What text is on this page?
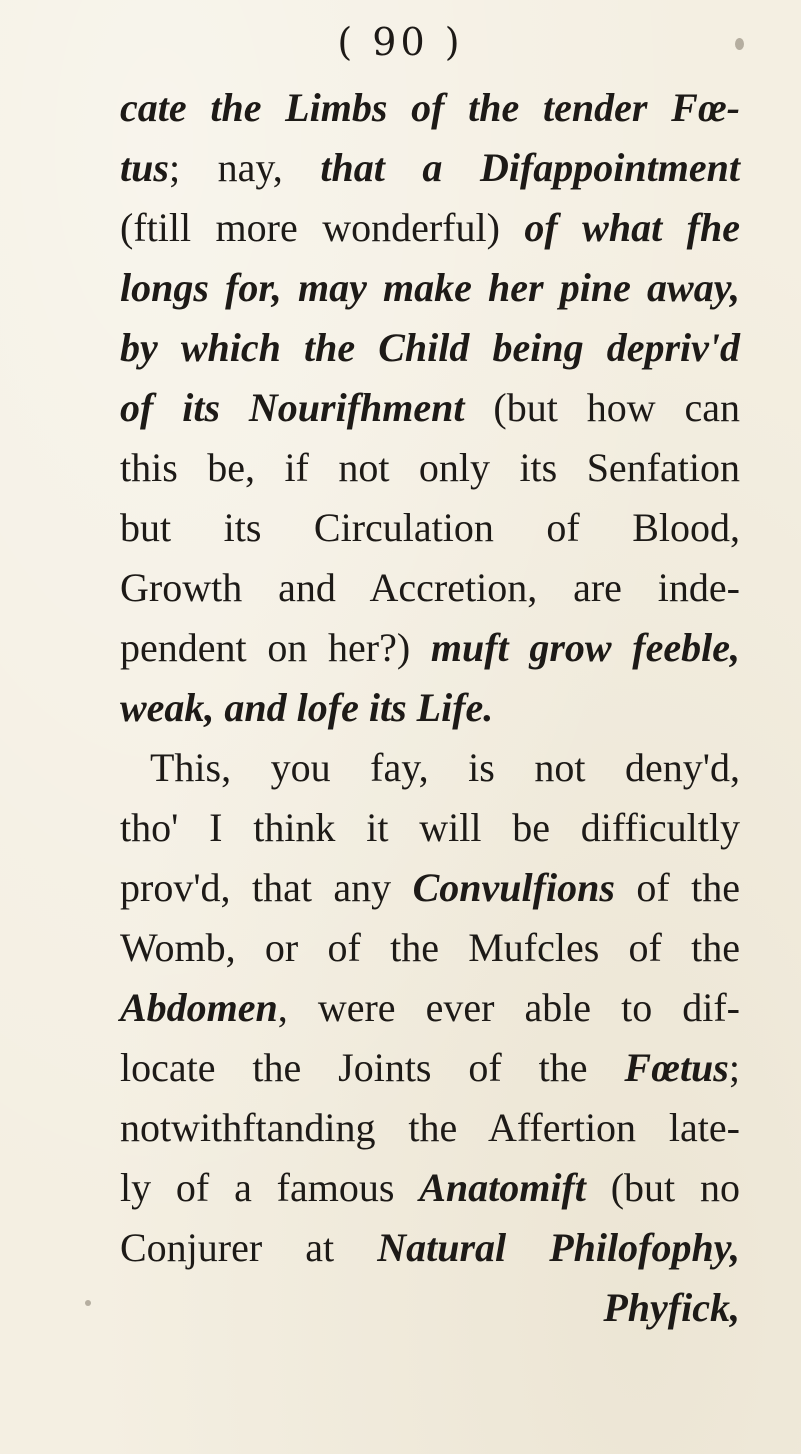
( 90 )
cate the Limbs of the tender Fœ-
tus; nay, that a Difappointment
(ftill more wonderful) of what fhe
longs for, may make her pine away,
by which the Child being depriv'd
of its Nourifhment (but how can
this be, if not only its Senfation
but its Circulation of Blood,
Growth and Accretion, are inde-
pendent on her?) muft grow feeble,
weak, and lofe its Life.
This, you fay, is not deny'd,
tho' I think it will be difficultly
prov'd, that any Convulfions of the
Womb, or of the Mufcles of the
Abdomen, were ever able to dif-
locate the Joints of the Fœtus;
notwithftanding the Affertion late-
ly of a famous Anatomift (but no
Conjurer at Natural Philofophy,
Phyfick,
